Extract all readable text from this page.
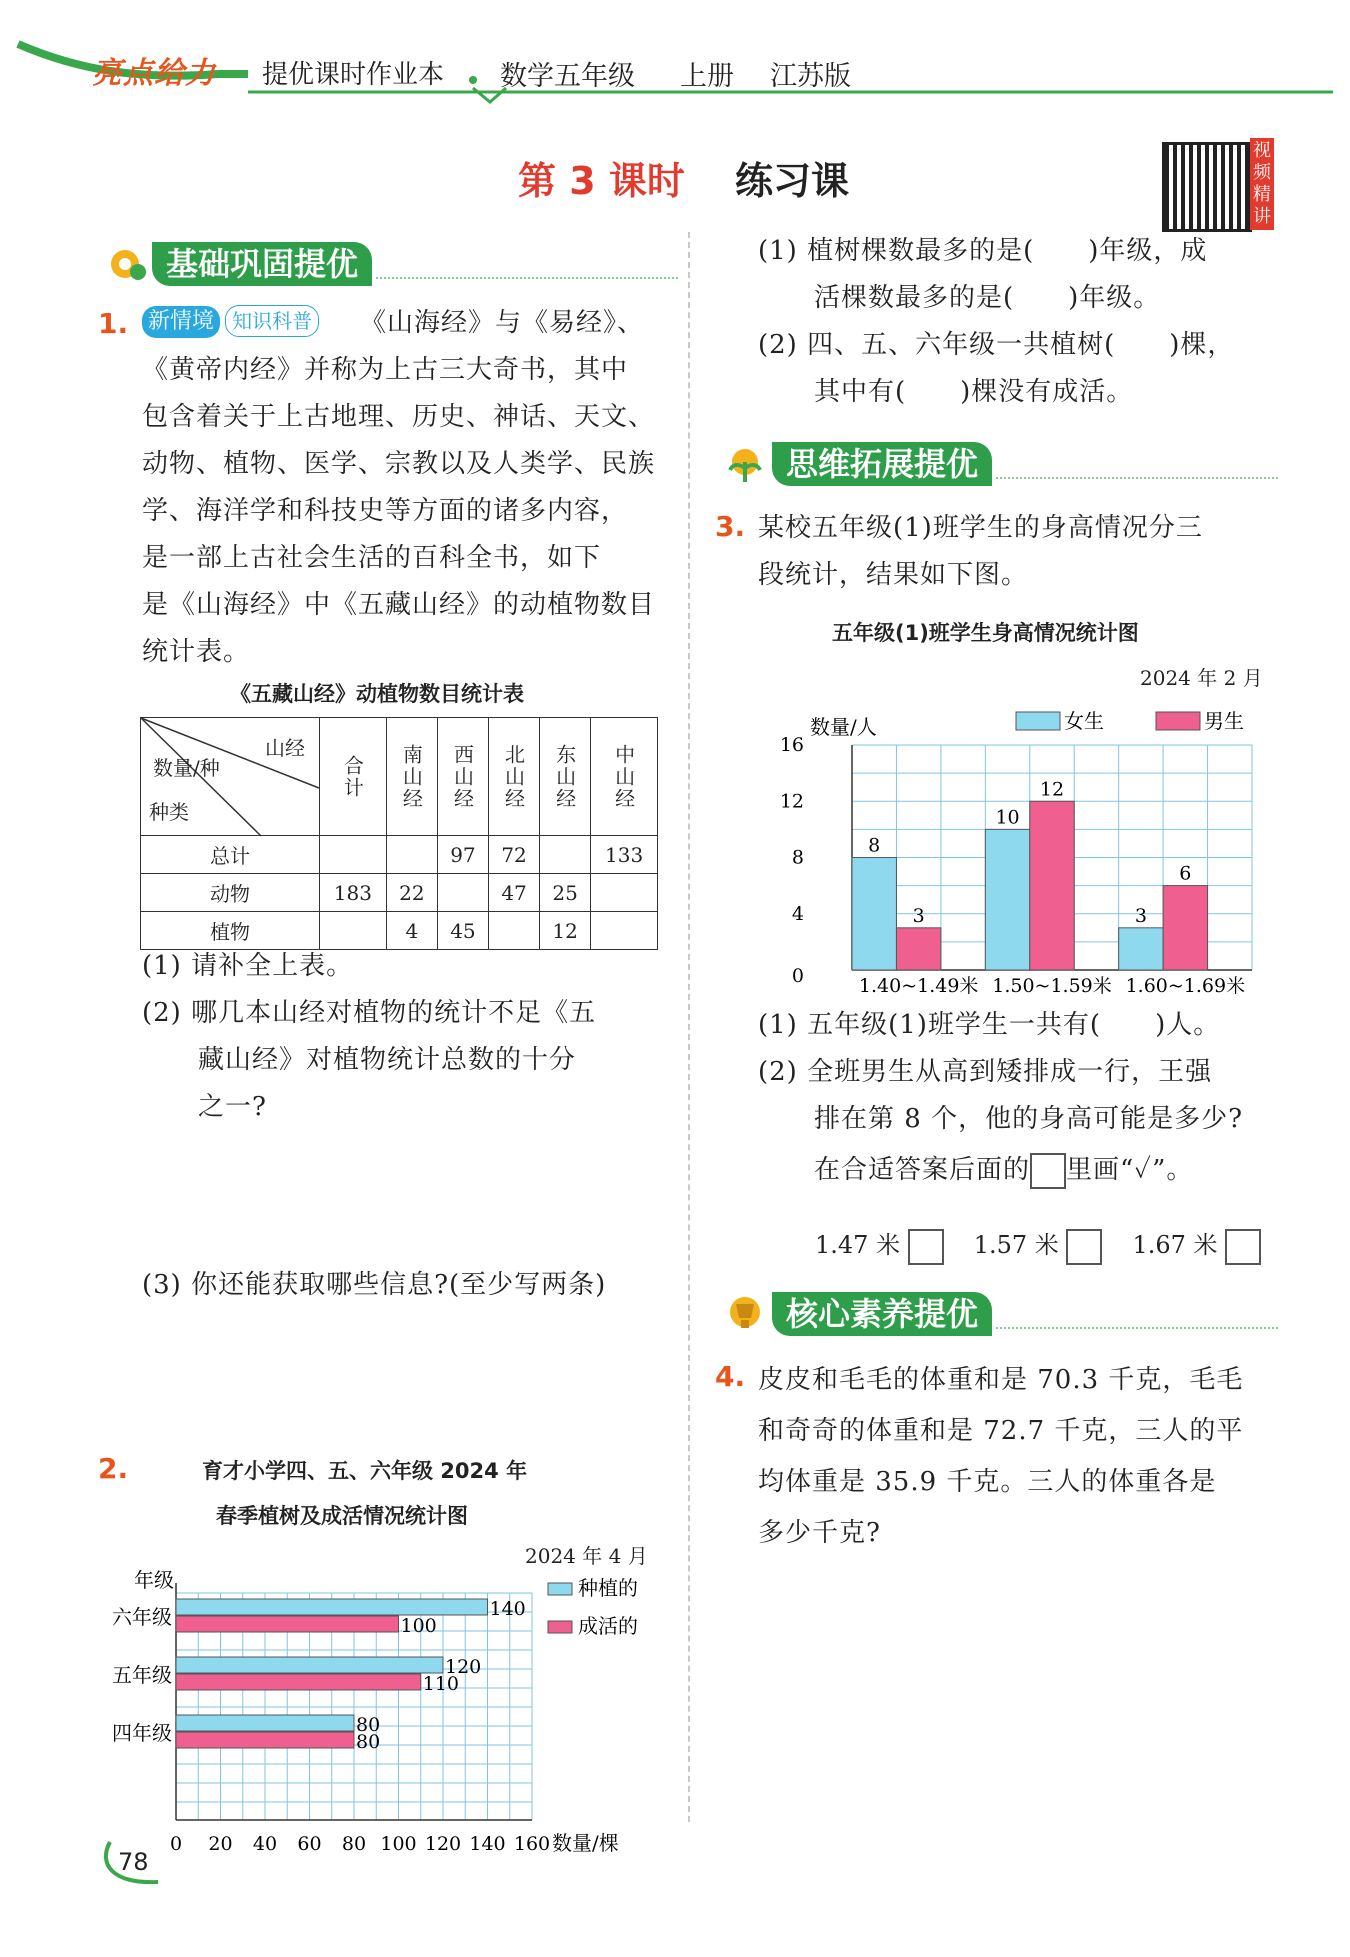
亮点给力 提优课时作业本 数学五年级 上册 江苏版
第 3 课时 练习课
视频精讲
基础巩固提优
1. 新情境 知识科普	《山海经》与《易经》、
《黄帝内经》并称为上古三大奇书，其中
包含着关于上古地理、历史、神话、天文、
动物、植物、医学、宗教以及人类学、民族
学、海洋学和科技史等方面的诸多内容，
是一部上古社会生活的百科全书，如下
是《山海经》中《五藏山经》的动植物数目
统计表。
《五藏山经》动植物数目统计表
山经
数量/种
种类	合计	南山经	西山经	北山经	东山经	中山经
总计			97	72		133
动物	183	22		47	25	
植物		4	45		12	
(1) 请补全上表。
(2) 哪几本山经对植物的统计不足《五
藏山经》对植物统计总数的十分
之一?
(3) 你还能获取哪些信息?(至少写两条)
2.	育才小学四、五、六年级 2024 年
春季植树及成活情况统计图
2024 年 4 月
年级
0 20 40 60 80 100 120 140 160 数量/棵
六年级	140
100
五年级	120
110
四年级	80
80
种植的
成活的
(1) 植树棵数最多的是(　　)年级，成
活棵数最多的是(　　)年级。
(2) 四、五、六年级一共植树(　　)棵，
其中有(　　)棵没有成活。
思维拓展提优
3. 某校五年级(1)班学生的身高情况分三
段统计，结果如下图。
五年级(1)班学生身高情况统计图
2024 年 2 月
数量/人
0
4
8
12
16
1.40~1.49米
8
3
1.50~1.59米
10
12
1.60~1.69米
3
6
女生	男生
(1) 五年级(1)班学生一共有(　　)人。
(2) 全班男生从高到矮排成一行，王强
排在第 8 个，他的身高可能是多少?
在合适答案后面的 里画“✓”。
1.47 米	1.57 米	1.67 米
核心素养提优
4. 皮皮和毛毛的体重和是 70.3 千克，毛毛
和奇奇的体重和是 72.7 千克，三人的平
均体重是 35.9 千克。三人的体重各是
多少千克?
78
